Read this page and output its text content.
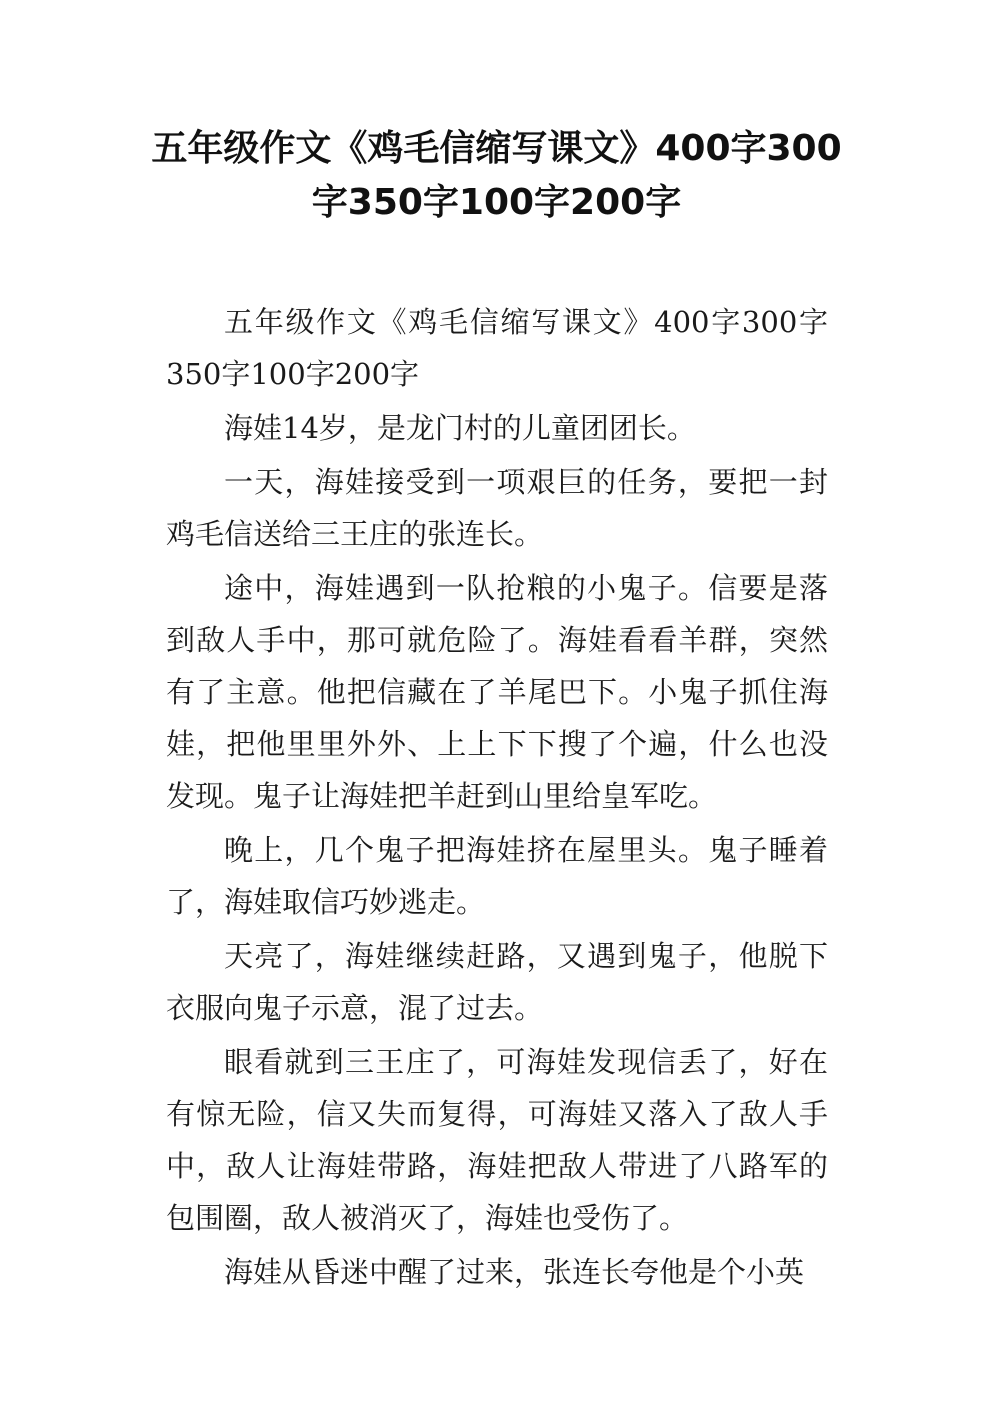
五年级作文《鸡毛信缩写课文》400字300字350字100字200字

五年级作文《鸡毛信缩写课文》400字300字350字100字200字

海娃14岁，是龙门村的儿童团团长。

一天，海娃接受到一项艰巨的任务，要把一封鸡毛信送给三王庄的张连长。

途中，海娃遇到一队抢粮的小鬼子。信要是落到敌人手中，那可就危险了。海娃看看羊群，突然有了主意。他把信藏在了羊尾巴下。小鬼子抓住海娃，把他里里外外、上上下下搜了个遍，什么也没发现。鬼子让海娃把羊赶到山里给皇军吃。

晚上，几个鬼子把海娃挤在屋里头。鬼子睡着了，海娃取信巧妙逃走。

天亮了，海娃继续赶路，又遇到鬼子，他脱下衣服向鬼子示意，混了过去。

眼看就到三王庄了，可海娃发现信丢了，好在有惊无险，信又失而复得，可海娃又落入了敌人手中，敌人让海娃带路，海娃把敌人带进了八路军的包围圈，敌人被消灭了，海娃也受伤了。

海娃从昏迷中醒了过来，张连长夸他是个小英
